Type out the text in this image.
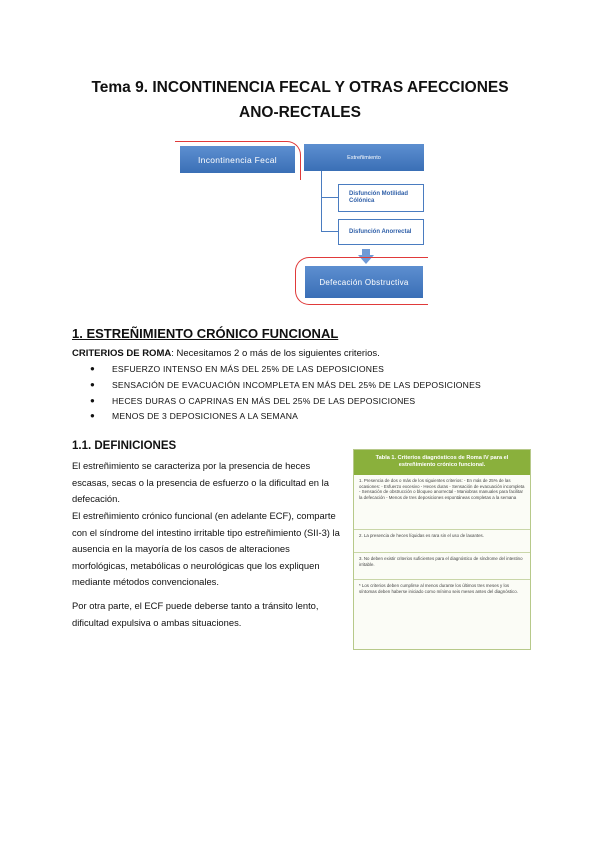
Tema 9. INCONTINENCIA FECAL Y OTRAS AFECCIONES
ANO-RECTALES
Incontinencia Fecal	Estreñimiento
Disfunción Motilidad Cólónica
Disfunción Anorrectal
Defecación Obstructiva
1. ESTREÑIMIENTO CRÓNICO FUNCIONAL
CRITERIOS DE ROMA: Necesitamos 2 o más de los siguientes criterios.
●	ESFUERZO INTENSO EN MÁS DEL 25% DE LAS DEPOSICIONES
●	SENSACIÓN DE EVACUACIÓN INCOMPLETA EN MÁS DEL 25% DE LAS DEPOSICIONES
●	HECES DURAS O CAPRINAS EN MÁS DEL 25% DE LAS DEPOSICIONES
●	MENOS DE 3 DEPOSICIONES A LA SEMANA
1.1. DEFINICIONES

El estreñimiento se caracteriza por la presencia de heces escasas, secas o la presencia de esfuerzo o la dificultad en la defecación.

El estreñimiento crónico funcional (en adelante ECF), comparte con el síndrome del intestino irritable tipo estreñimiento (SII-3) la ausencia en la mayoría de los casos de alteraciones morfológicas, metabólicas o neurológicas que los expliquen mediante métodos convencionales.

Por otra parte, el ECF puede deberse tanto a tránsito lento, dificultad expulsiva o ambas situaciones.

Tabla 1. Criterios diagnósticos de Roma IV para el estreñimiento crónico funcional.
1. Presencia de dos o más de los siguientes criterios: - En más de 25% de las ocasiones: - Esfuerzo excesivo - Heces duras - Sensación de evacuación incompleta - Sensación de obstrucción o bloqueo anorrectal - Maniobras manuales para facilitar la defecación - Menos de tres deposiciones espontáneas completas a la semana
2. La presencia de heces líquidas es rara sin el uso de laxantes.
3. No deben existir criterios suficientes para el diagnóstico de síndrome del intestino irritable.
* Los criterios deben cumplirse al menos durante los últimos tres meses y los síntomas deben haberse iniciado como mínimo seis meses antes del diagnóstico.
